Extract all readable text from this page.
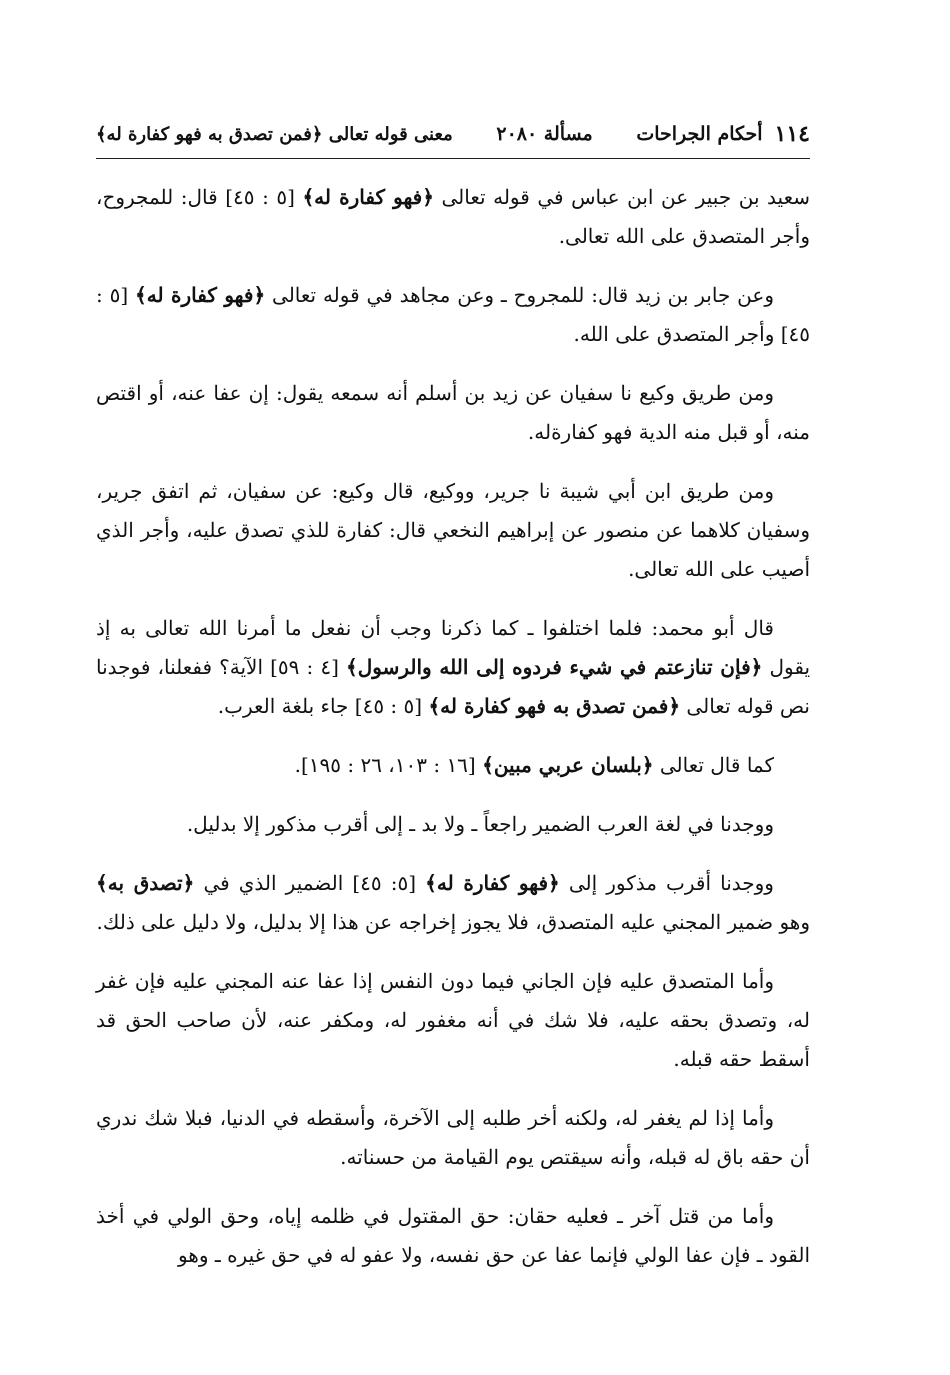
١١٤
أحكام الجراحات
مسألة ٢٠٨٠
معنى قوله تعالى ﴿فمن تصدق به فهو كفارة له﴾

سعيد بن جبير عن ابن عباس في قوله تعالى ﴿فهو كفارة له﴾ [٥ : ٤٥] قال: للمجروح، وأجر المتصدق على الله تعالى.

وعن جابر بن زيد قال: للمجروح ـ وعن مجاهد في قوله تعالى ﴿فهو كفارة له﴾ [٥ : ٤٥] وأجر المتصدق على الله.

ومن طريق وكيع نا سفيان عن زيد بن أسلم أنه سمعه يقول: إن عفا عنه، أو اقتص منه، أو قبل منه الدية فهو كفارةله.

ومن طريق ابن أبي شيبة نا جرير، ووكيع، قال وكيع: عن سفيان، ثم اتفق جرير، وسفيان كلاهما عن منصور عن إبراهيم النخعي قال: كفارة للذي تصدق عليه، وأجر الذي أصيب على الله تعالى.

قال أبو محمد: فلما اختلفوا ـ كما ذكرنا وجب أن نفعل ما أمرنا الله تعالى به إذ يقول ﴿فإن تنازعتم في شيء فردوه إلى الله والرسول﴾ [٤ : ٥٩] الآية؟ ففعلنا، فوجدنا نص قوله تعالى ﴿فمن تصدق به فهو كفارة له﴾ [٥ : ٤٥] جاء بلغة العرب.

كما قال تعالى ﴿بلسان عربي مبين﴾ [١٦ : ١٠٣، ٢٦ : ١٩٥].

ووجدنا في لغة العرب الضمير راجعاً ـ ولا بد ـ إلى أقرب مذكور إلا بدليل.

ووجدنا أقرب مذكور إلى ﴿فهو كفارة له﴾ [٥: ٤٥] الضمير الذي في ﴿تصدق به﴾ وهو ضمير المجني عليه المتصدق، فلا يجوز إخراجه عن هذا إلا بدليل، ولا دليل على ذلك.

وأما المتصدق عليه فإن الجاني فيما دون النفس إذا عفا عنه المجني عليه فإن غفر له، وتصدق بحقه عليه، فلا شك في أنه مغفور له، ومكفر عنه، لأن صاحب الحق قد أسقط حقه قبله.

وأما إذا لم يغفر له، ولكنه أخر طلبه إلى الآخرة، وأسقطه في الدنيا، فبلا شك ندري أن حقه باق له قبله، وأنه سيقتص يوم القيامة من حسناته.

وأما من قتل آخر ـ فعليه حقان: حق المقتول في ظلمه إياه، وحق الولي في أخذ القود ـ فإن عفا الولي فإنما عفا عن حق نفسه، ولا عفو له في حق غيره ـ وهو
